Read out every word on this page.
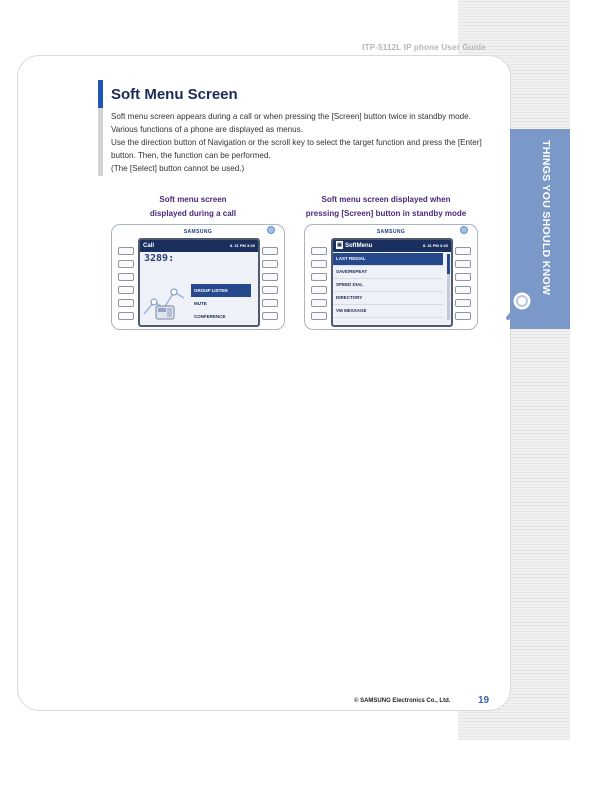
ITP-5112L IP phone User Guide
THINGS YOU SHOULD KNOW
Soft Menu Screen

Soft menu screen appears during a call or when pressing the [Screen] button twice in standby mode. Various functions of a phone are displayed as menus.

Use the direction button of Navigation or the scroll key to select the target function and press the [Enter] button. Then, the function can be performed.

(The [Select] button cannot be used.)

Soft menu screen
displayed during a call
Soft menu screen displayed when
pressing [Screen] button in standby mode
SAMSUNG
Call	8. 31 PM 3:30
3289:
GROUP LISTEN
MUTE
CONFERENCE
SAMSUNG
▣ SoftMenu	8. 31 PM 3:30
LAST REDIAL
SAVE/REPEAT
SPEED DIAL
DIRECTORY
VM MESSAGE
© SAMSUNG Electronics Co., Ltd.	19
